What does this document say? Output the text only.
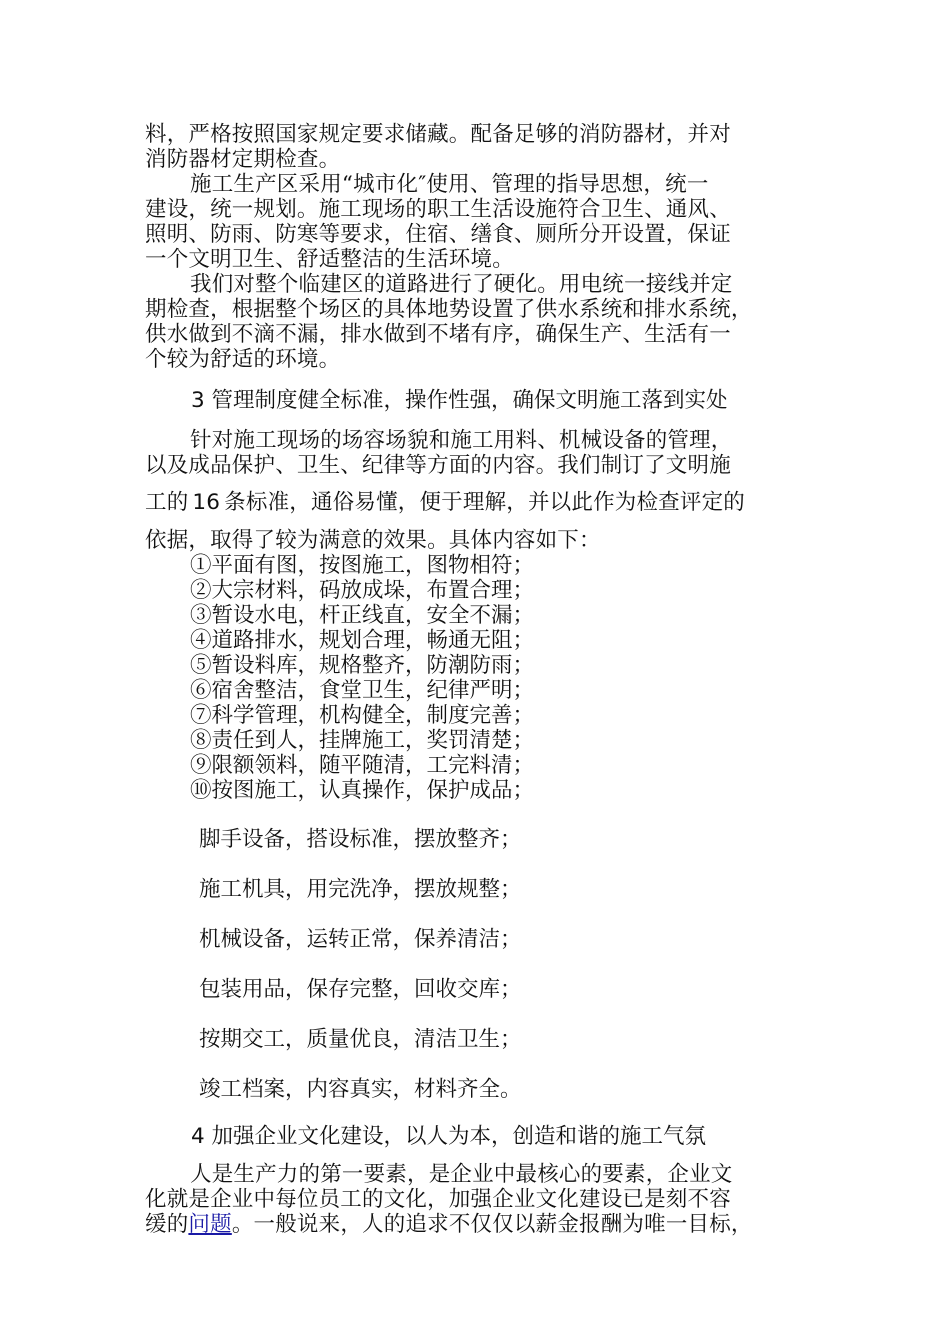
料，严格按照国家规定要求储藏。配备足够的消防器材，并对

消防器材定期检查。

施工生产区采用“城市化″使用、管理的指导思想，统一

建设，统一规划。施工现场的职工生活设施符合卫生、通风、

照明、防雨、防寒等要求，住宿、缮食、厕所分开设置，保证

一个文明卫生、舒适整洁的生活环境。

我们对整个临建区的道路进行了硬化。用电统一接线并定

期检查，根据整个场区的具体地势设置了供水系统和排水系统，

供水做到不滴不漏，排水做到不堵有序，确保生产、生活有一

个较为舒适的环境。

3 管理制度健全标准，操作性强，确保文明施工落到实处

针对施工现场的场容场貌和施工用料、机械设备的管理，

以及成品保护、卫生、纪律等方面的内容。我们制订了文明施

工的 16 条标准，通俗易懂，便于理解，并以此作为检查评定的

依据，取得了较为满意的效果。具体内容如下：

①平面有图，按图施工，图物相符；

②大宗材料，码放成垛，布置合理；

③暂设水电，杆正线直，安全不漏；

④道路排水，规划合理，畅通无阻；

⑤暂设料库，规格整齐，防潮防雨；

⑥宿舍整洁，食堂卫生，纪律严明；

⑦科学管理，机构健全，制度完善；

⑧责任到人，挂牌施工，奖罚清楚；

⑨限额领料，随平随清，工完料清；

⑩按图施工，认真操作，保护成品；

脚手设备，搭设标准，摆放整齐；

施工机具，用完洗净，摆放规整；

机械设备，运转正常，保养清洁；

包装用品，保存完整，回收交库；

按期交工，质量优良，清洁卫生；

竣工档案，内容真实，材料齐全。

4 加强企业文化建设，以人为本，创造和谐的施工气氛

人是生产力的第一要素，是企业中最核心的要素，企业文

化就是企业中每位员工的文化，加强企业文化建设已是刻不容

缓的问题。一般说来，人的追求不仅仅以薪金报酬为唯一目标，
